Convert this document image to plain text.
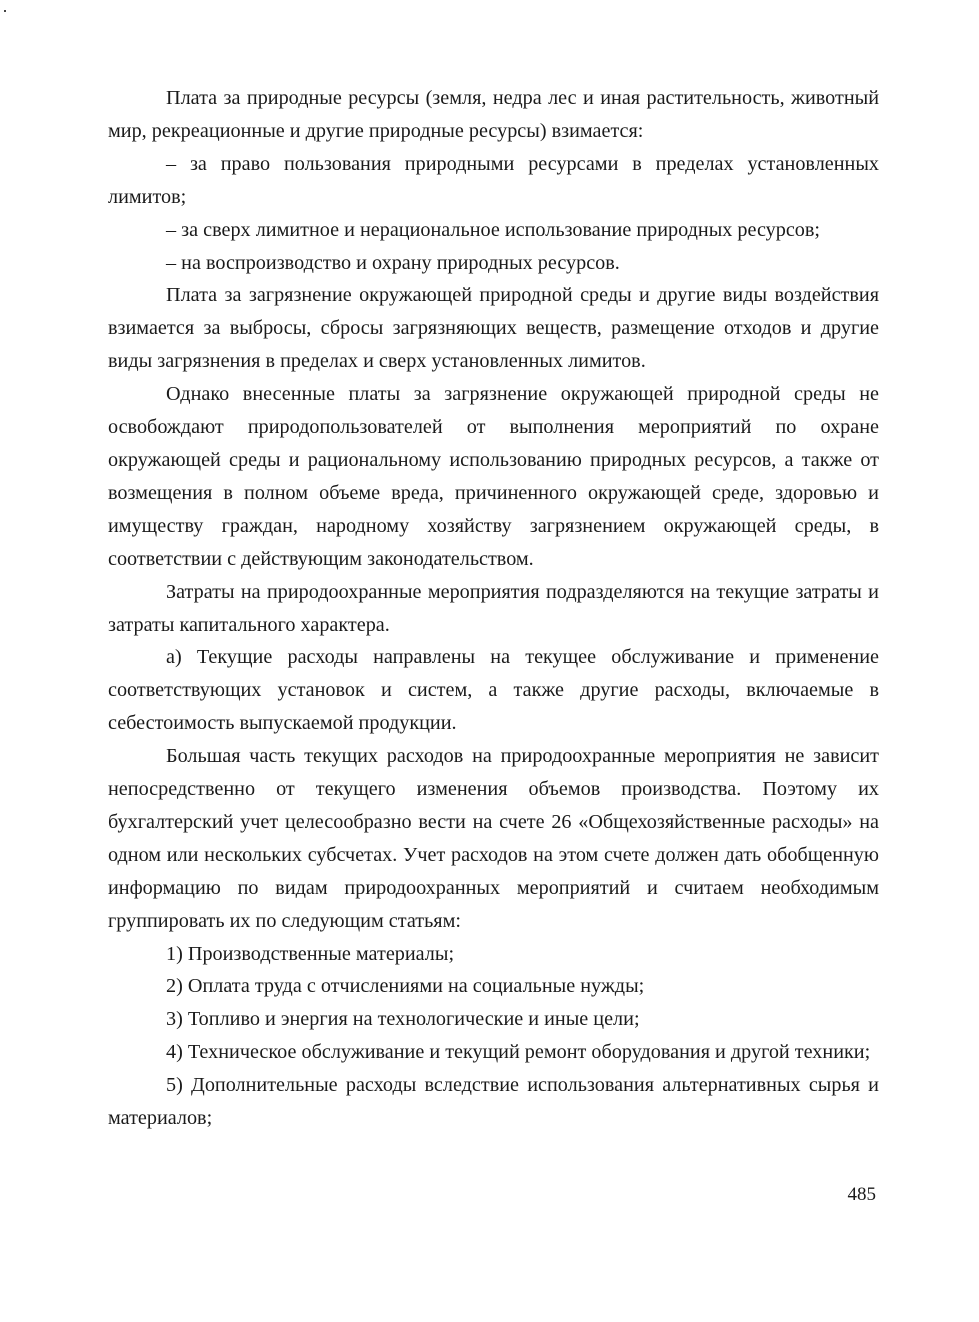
Плата за природные ресурсы (земля, недра лес и иная растительность, животный мир, рекреационные и другие природные ресурсы) взимается:

– за право пользования природными ресурсами в пределах установленных лимитов;

– за сверх лимитное и нерациональное использование природных ресурсов;

– на воспроизводство и охрану природных ресурсов.

Плата за загрязнение окружающей природной среды и другие виды воздействия взимается за выбросы, сбросы загрязняющих веществ, размещение отходов и другие виды загрязнения в пределах и сверх установленных лимитов.

Однако внесенные платы за загрязнение окружающей природной среды не освобождают природопользователей от выполнения мероприятий по охране окружающей среды и рациональному использованию природных ресурсов, а также от возмещения в полном объеме вреда, причиненного окружающей среде, здоровью и имуществу граждан, народному хозяйству загрязнением окружающей среды, в соответствии с действующим законодательством.

Затраты на природоохранные мероприятия подразделяются на текущие затраты и затраты капитального характера.

а) Текущие расходы направлены на текущее обслуживание и применение соответствующих установок и систем, а также другие расходы, включаемые в себестоимость выпускаемой продукции.

Большая часть текущих расходов на природоохранные мероприятия не зависит непосредственно от текущего изменения объемов производства. Поэтому их бухгалтерский учет целесообразно вести на счете 26 «Общехозяйственные расходы» на одном или нескольких субсчетах. Учет расходов на этом счете должен дать обобщенную информацию по видам природоохранных мероприятий и считаем необходимым группировать их по следующим статьям:

1) Производственные материалы;

2) Оплата труда с отчислениями на социальные нужды;

3) Топливо и энергия на технологические и иные цели;

4) Техническое обслуживание и текущий ремонт оборудования и другой техники;

5) Дополнительные расходы вследствие использования альтернативных сырья и материалов;

485
